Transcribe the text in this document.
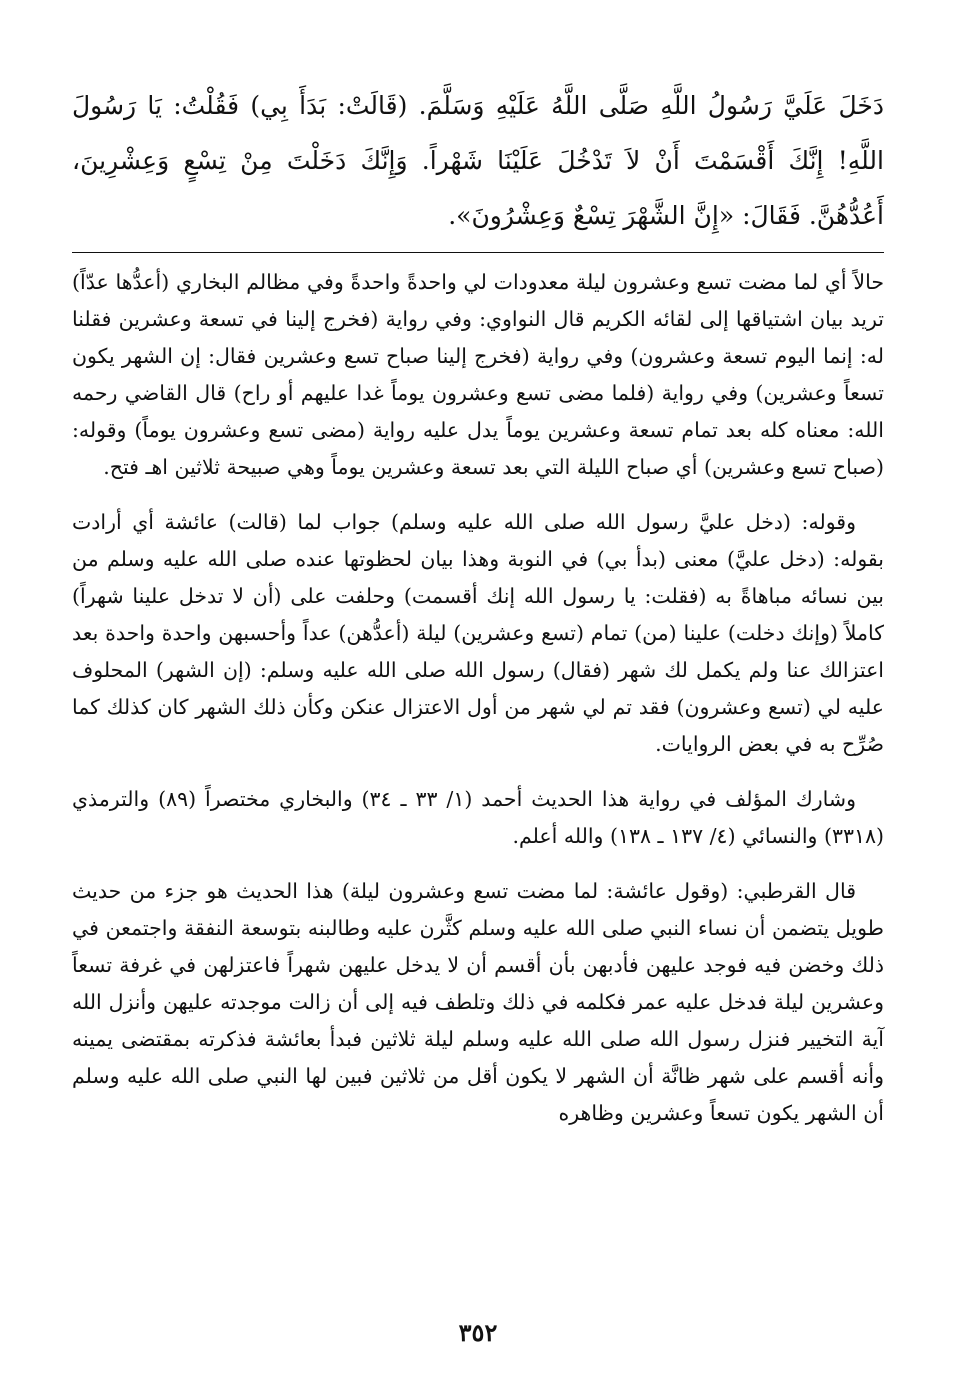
دَخَلَ عَلَيَّ رَسُولُ اللَّهِ صَلَّى اللَّهُ عَلَيْهِ وَسَلَّمَ. (قَالَتْ: بَدَأَ بِي) فَقُلْتُ: يَا رَسُولَ اللَّهِ! إِنَّكَ أَقْسَمْتَ أَنْ لاَ تَدْخُلَ عَلَيْنَا شَهْراً. وَإِنَّكَ دَخَلْتَ مِنْ تِسْعٍ وَعِشْرِينَ، أَعُدُّهُنَّ. فَقَالَ: «إِنَّ الشَّهْرَ تِسْعٌ وَعِشْرُونَ».

حالاً أي لما مضت تسع وعشرون ليلة معدودات لي واحدةً واحدةً وفي مظالم البخاري (أعدُّها عدّاً) تريد بيان اشتياقها إلى لقائه الكريم قال النواوي: وفي رواية (فخرج إلينا في تسعة وعشرين فقلنا له: إنما اليوم تسعة وعشرون) وفي رواية (فخرج إلينا صباح تسع وعشرين فقال: إن الشهر يكون تسعاً وعشرين) وفي رواية (فلما مضى تسع وعشرون يوماً غدا عليهم أو راح) قال القاضي رحمه الله: معناه كله بعد تمام تسعة وعشرين يوماً يدل عليه رواية (مضى تسع وعشرون يوماً) وقوله: (صباح تسع وعشرين) أي صباح الليلة التي بعد تسعة وعشرين يوماً وهي صبيحة ثلاثين اهـ فتح.

وقوله: (دخل عليَّ رسول الله صلى الله عليه وسلم) جواب لما (قالت) عائشة أي أرادت بقوله: (دخل عليَّ) معنى (بدأ بي) في النوبة وهذا بيان لحظوتها عنده صلى الله عليه وسلم من بين نسائه مباهاةً به (فقلت: يا رسول الله إنك أقسمت) وحلفت على (أن لا تدخل علينا شهراً) كاملاً (وإنك دخلت) علينا (من) تمام (تسع وعشرين) ليلة (أعدُّهن) عداً وأحسبهن واحدة واحدة بعد اعتزالك عنا ولم يكمل لك شهر (فقال) رسول الله صلى الله عليه وسلم: (إن الشهر) المحلوف عليه لي (تسع وعشرون) فقد تم لي شهر من أول الاعتزال عنكن وكأن ذلك الشهر كان كذلك كما صُرِّح به في بعض الروايات.

وشارك المؤلف في رواية هذا الحديث أحمد (١/ ٣٣ ـ ٣٤) والبخاري مختصراً (٨٩) والترمذي (٣٣١٨) والنسائي (٤/ ١٣٧ ـ ١٣٨) والله أعلم.

قال القرطبي: (وقول عائشة: لما مضت تسع وعشرون ليلة) هذا الحديث هو جزء من حديث طويل يتضمن أن نساء النبي صلى الله عليه وسلم كثَّرن عليه وطالبنه بتوسعة النفقة واجتمعن في ذلك وخضن فيه فوجد عليهن فأدبهن بأن أقسم أن لا يدخل عليهن شهراً فاعتزلهن في غرفة تسعاً وعشرين ليلة فدخل عليه عمر فكلمه في ذلك وتلطف فيه إلى أن زالت موجدته عليهن وأنزل الله آية التخيير فنزل رسول الله صلى الله عليه وسلم ليلة ثلاثين فبدأ بعائشة فذكرته بمقتضى يمينه وأنه أقسم على شهر ظانَّة أن الشهر لا يكون أقل من ثلاثين فبين لها النبي صلى الله عليه وسلم أن الشهر يكون تسعاً وعشرين وظاهره

٣٥٢
